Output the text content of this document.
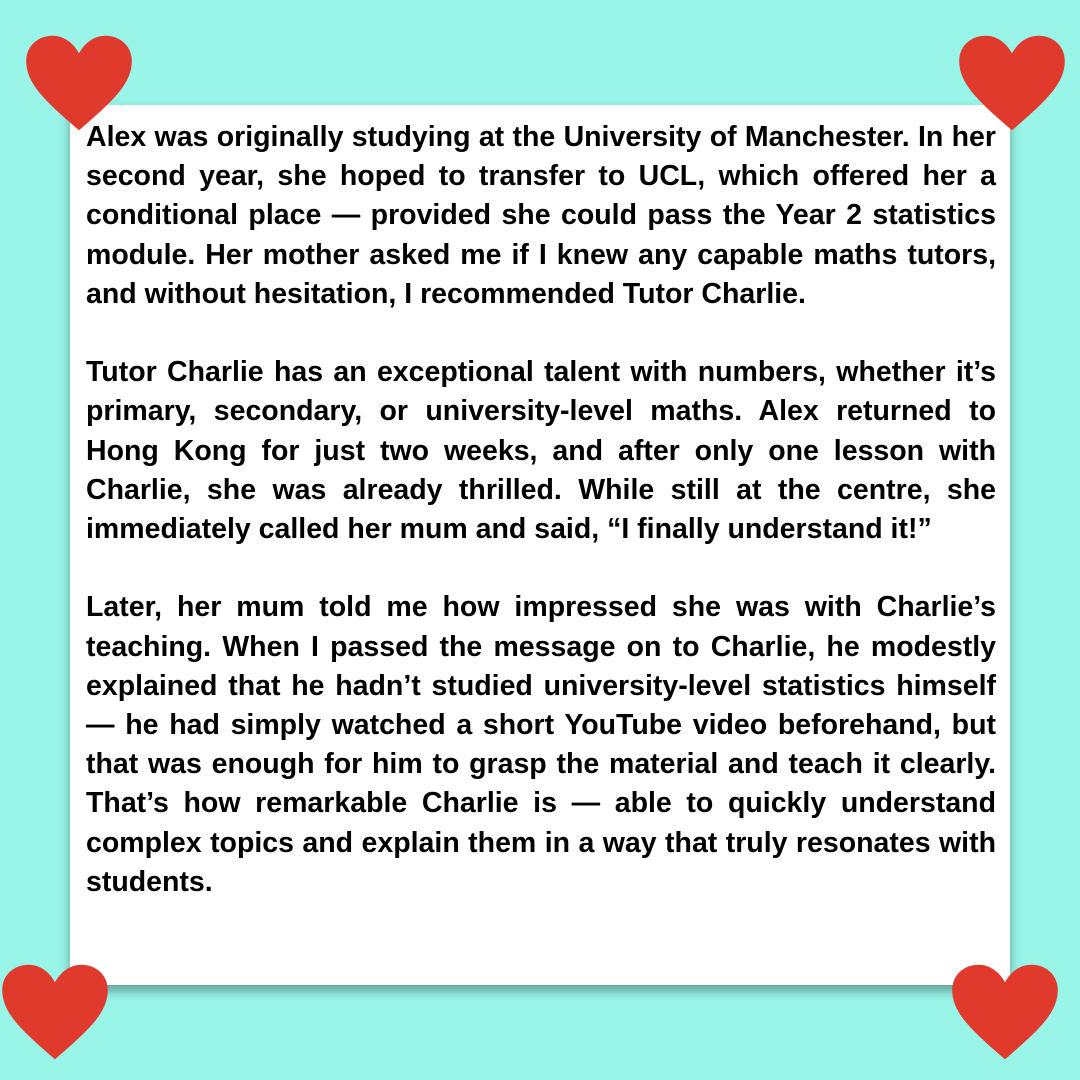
Alex was originally studying at the University of Manchester. In her second year, she hoped to transfer to UCL, which offered her a conditional place — provided she could pass the Year 2 statistics module. Her mother asked me if I knew any capable maths tutors, and without hesitation, I recommended Tutor Charlie.

Tutor Charlie has an exceptional talent with numbers, whether it’s primary, secondary, or university-level maths. Alex returned to Hong Kong for just two weeks, and after only one lesson with Charlie, she was already thrilled. While still at the centre, she immediately called her mum and said, “I finally understand it!”

Later, her mum told me how impressed she was with Charlie’s teaching. When I passed the message on to Charlie, he modestly explained that he hadn’t studied university-level statistics himself — he had simply watched a short YouTube video beforehand, but that was enough for him to grasp the material and teach it clearly. That’s how remarkable Charlie is — able to quickly understand complex topics and explain them in a way that truly resonates with students.
